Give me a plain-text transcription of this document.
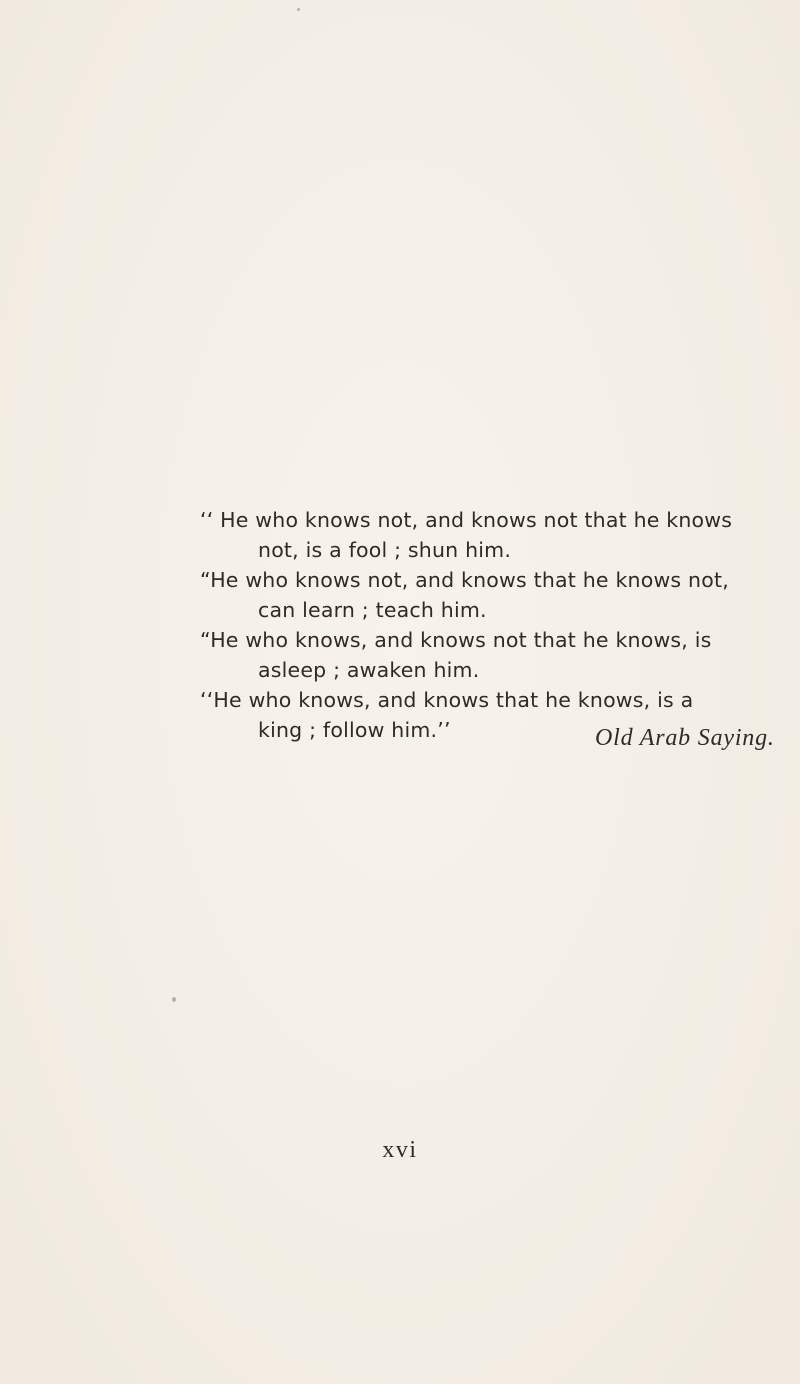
‘‘ He who knows not, and knows not that he knows
not, is a fool ; shun him.
“He who knows not, and knows that he knows not,
can learn ; teach him.
“He who knows, and knows not that he knows, is
asleep ; awaken him.
‘‘He who knows, and knows that he knows, is a
king ; follow him.’’	Old Arab Saying.
xvi
